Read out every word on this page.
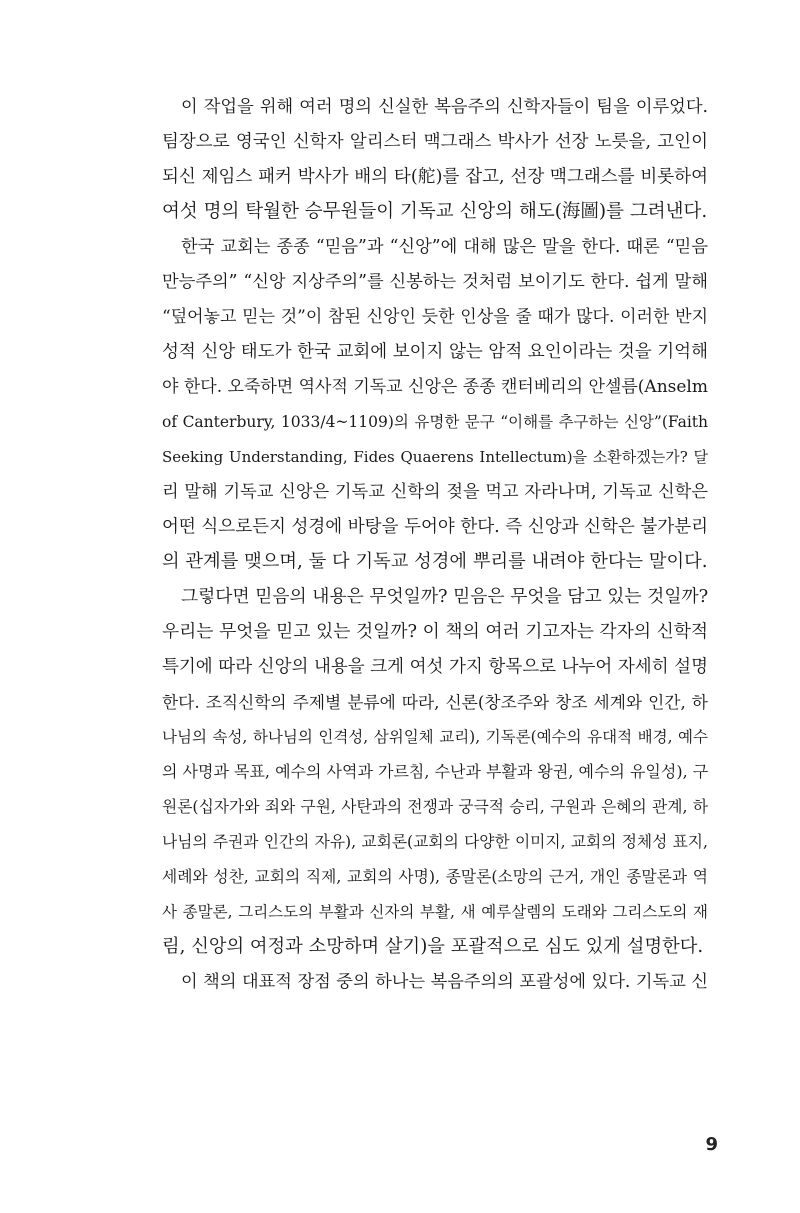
이 작업을 위해 여러 명의 신실한 복음주의 신학자들이 팀을 이루었다.
팀장으로 영국인 신학자 알리스터 맥그래스 박사가 선장 노릇을, 고인이
되신 제임스 패커 박사가 배의 타(舵)를 잡고, 선장 맥그래스를 비롯하여
여섯 명의 탁월한 승무원들이 기독교 신앙의 해도(海圖)를 그려낸다.
한국 교회는 종종 “믿음”과 “신앙”에 대해 많은 말을 한다. 때론 “믿음
만능주의” “신앙 지상주의”를 신봉하는 것처럼 보이기도 한다. 쉽게 말해
“덮어놓고 믿는 것”이 참된 신앙인 듯한 인상을 줄 때가 많다. 이러한 반지
성적 신앙 태도가 한국 교회에 보이지 않는 암적 요인이라는 것을 기억해
야 한다. 오죽하면 역사적 기독교 신앙은 종종 캔터베리의 안셀름(Anselm
of Canterbury, 1033/4~1109)의 유명한 문구 “이해를 추구하는 신앙”(Faith
Seeking Understanding, Fides Quaerens Intellectum)을 소환하겠는가? 달
리 말해 기독교 신앙은 기독교 신학의 젖을 먹고 자라나며, 기독교 신학은
어떤 식으로든지 성경에 바탕을 두어야 한다. 즉 신앙과 신학은 불가분리
의 관계를 맺으며, 둘 다 기독교 성경에 뿌리를 내려야 한다는 말이다.
그렇다면 믿음의 내용은 무엇일까? 믿음은 무엇을 담고 있는 것일까?
우리는 무엇을 믿고 있는 것일까? 이 책의 여러 기고자는 각자의 신학적
특기에 따라 신앙의 내용을 크게 여섯 가지 항목으로 나누어 자세히 설명
한다. 조직신학의 주제별 분류에 따라, 신론(창조주와 창조 세계와 인간, 하
나님의 속성, 하나님의 인격성, 삼위일체 교리), 기독론(예수의 유대적 배경, 예수
의 사명과 목표, 예수의 사역과 가르침, 수난과 부활과 왕권, 예수의 유일성), 구
원론(십자가와 죄와 구원, 사탄과의 전쟁과 궁극적 승리, 구원과 은혜의 관계, 하
나님의 주권과 인간의 자유), 교회론(교회의 다양한 이미지, 교회의 정체성 표지,
세례와 성찬, 교회의 직제, 교회의 사명), 종말론(소망의 근거, 개인 종말론과 역
사 종말론, 그리스도의 부활과 신자의 부활, 새 예루살렘의 도래와 그리스도의 재
림, 신앙의 여정과 소망하며 살기)을 포괄적으로 심도 있게 설명한다.
이 책의 대표적 장점 중의 하나는 복음주의의 포괄성에 있다. 기독교 신
9
